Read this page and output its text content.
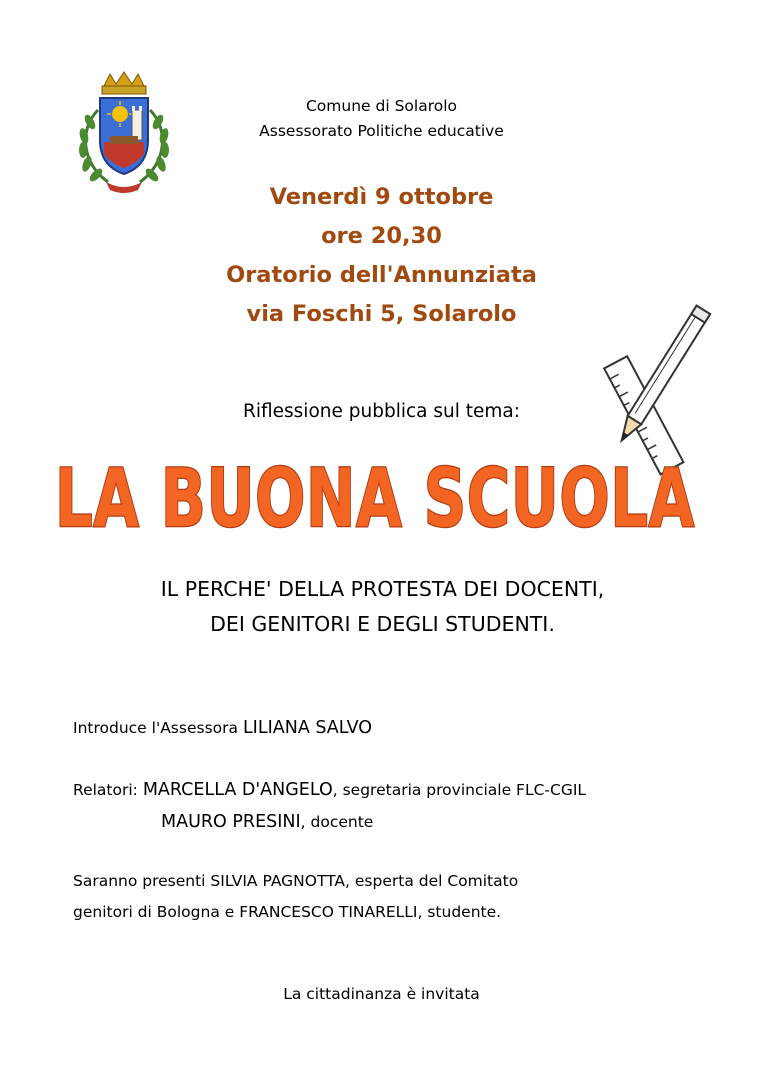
Comune di Solarolo
Assessorato Politiche educative
Venerdì 9 ottobre
ore 20,30
Oratorio dell'Annunziata
via Foschi 5, Solarolo
Riflessione pubblica sul tema:
LA BUONA SCUOLA
IL PERCHE' DELLA PROTESTA DEI DOCENTI,
DEI GENITORI E DEGLI STUDENTI.
Introduce l'Assessora LILIANA SALVO
Relatori: MARCELLA D'ANGELO, segretaria provinciale FLC-CGIL
MAURO PRESINI, docente
Saranno presenti SILVIA PAGNOTTA, esperta del Comitato
genitori di Bologna e FRANCESCO TINARELLI, studente.
La cittadinanza è invitata
